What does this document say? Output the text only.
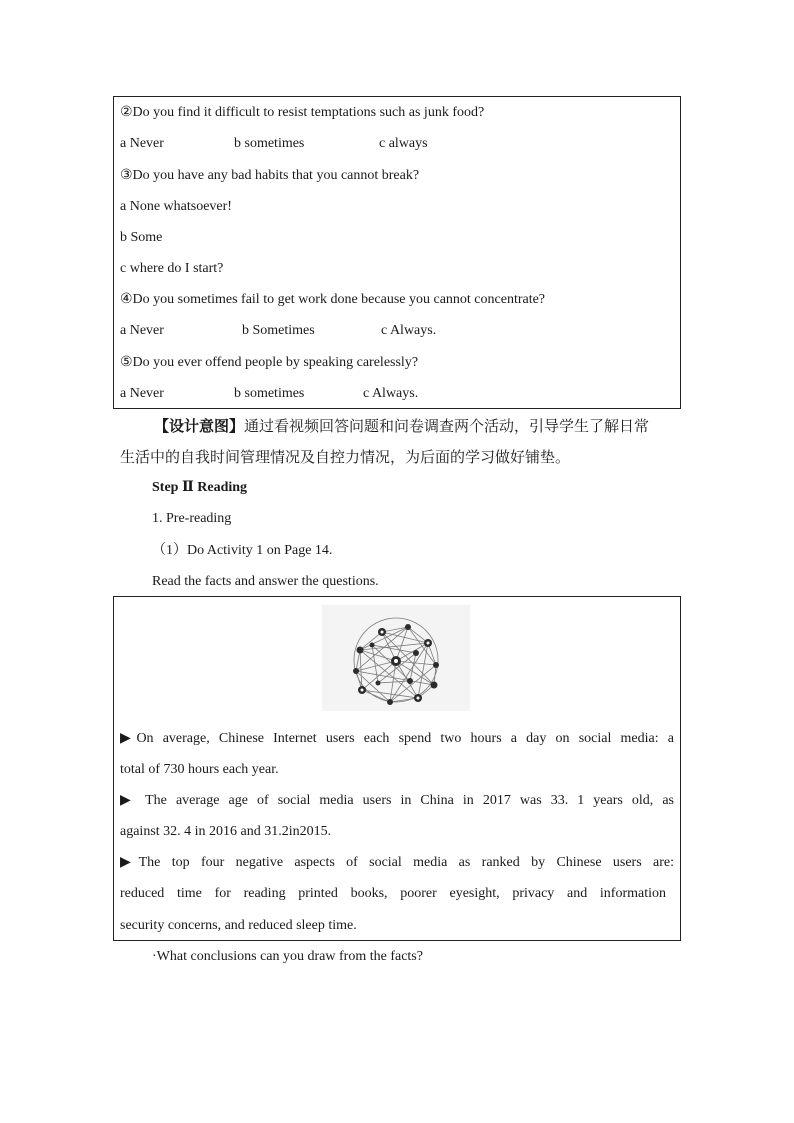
②Do you find it difficult to resist temptations such as junk food?
a Never	b sometimes	c always
③Do you have any bad habits that you cannot break?
a None whatsoever!
b Some
c where do I start?
④Do you sometimes fail to get work done because you cannot concentrate?
a Never	b Sometimes	c Always.
⑤Do you ever offend people by speaking carelessly?
a Never	b sometimes	c Always.
【设计意图】通过看视频回答问题和问卷调查两个活动，引导学生了解日常
生活中的自我时间管理情况及自控力情况，为后面的学习做好铺垫。
Step Ⅱ Reading
1. Pre-reading
（1）Do Activity 1 on Page 14.
Read the facts and answer the questions.
▶On average, Chinese Internet users each spend two hours a day on social media: a
total of 730 hours each year.
▶ The average age of social media users in China in 2017 was 33. 1 years old, as
against 32. 4 in 2016 and 31.2in2015.
▶The top four negative aspects of social media as ranked by Chinese users are:
reduced time for reading printed books, poorer eyesight, privacy and information
security concerns, and reduced sleep time.
·What conclusions can you draw from the facts?
